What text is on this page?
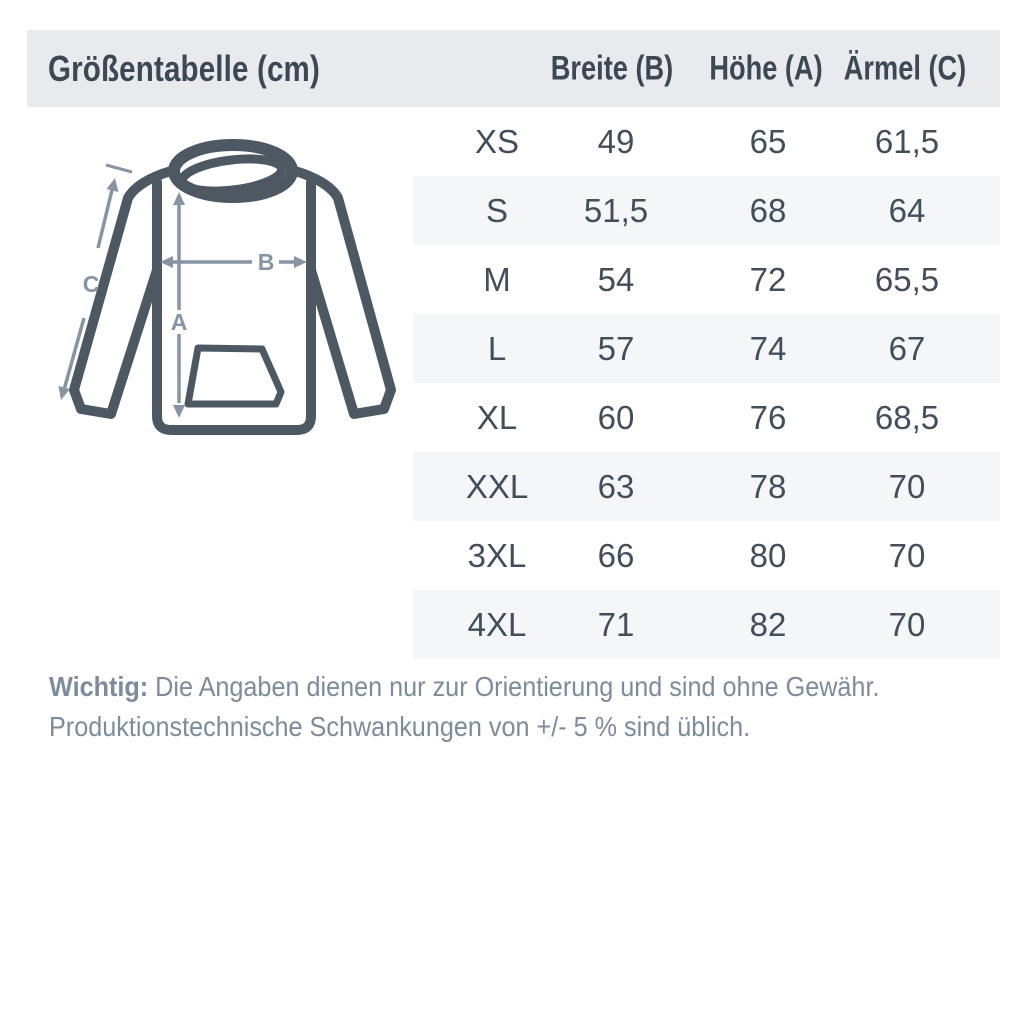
Größentabelle (cm)	Breite (B) Höhe (A) Ärmel (C)
A
B
C
XS 49	65	61,5
S 51,5	68	64
M	54	72	65,5
L	57	74	67
XL 60	76	68,5
XXL 63	78	70
3XL 66	80	70
4XL 71	82	70
Wichtig: Die Angaben dienen nur zur Orientierung und sind ohne Gewähr.
Produktionstechnische Schwankungen von +/- 5 % sind üblich.
